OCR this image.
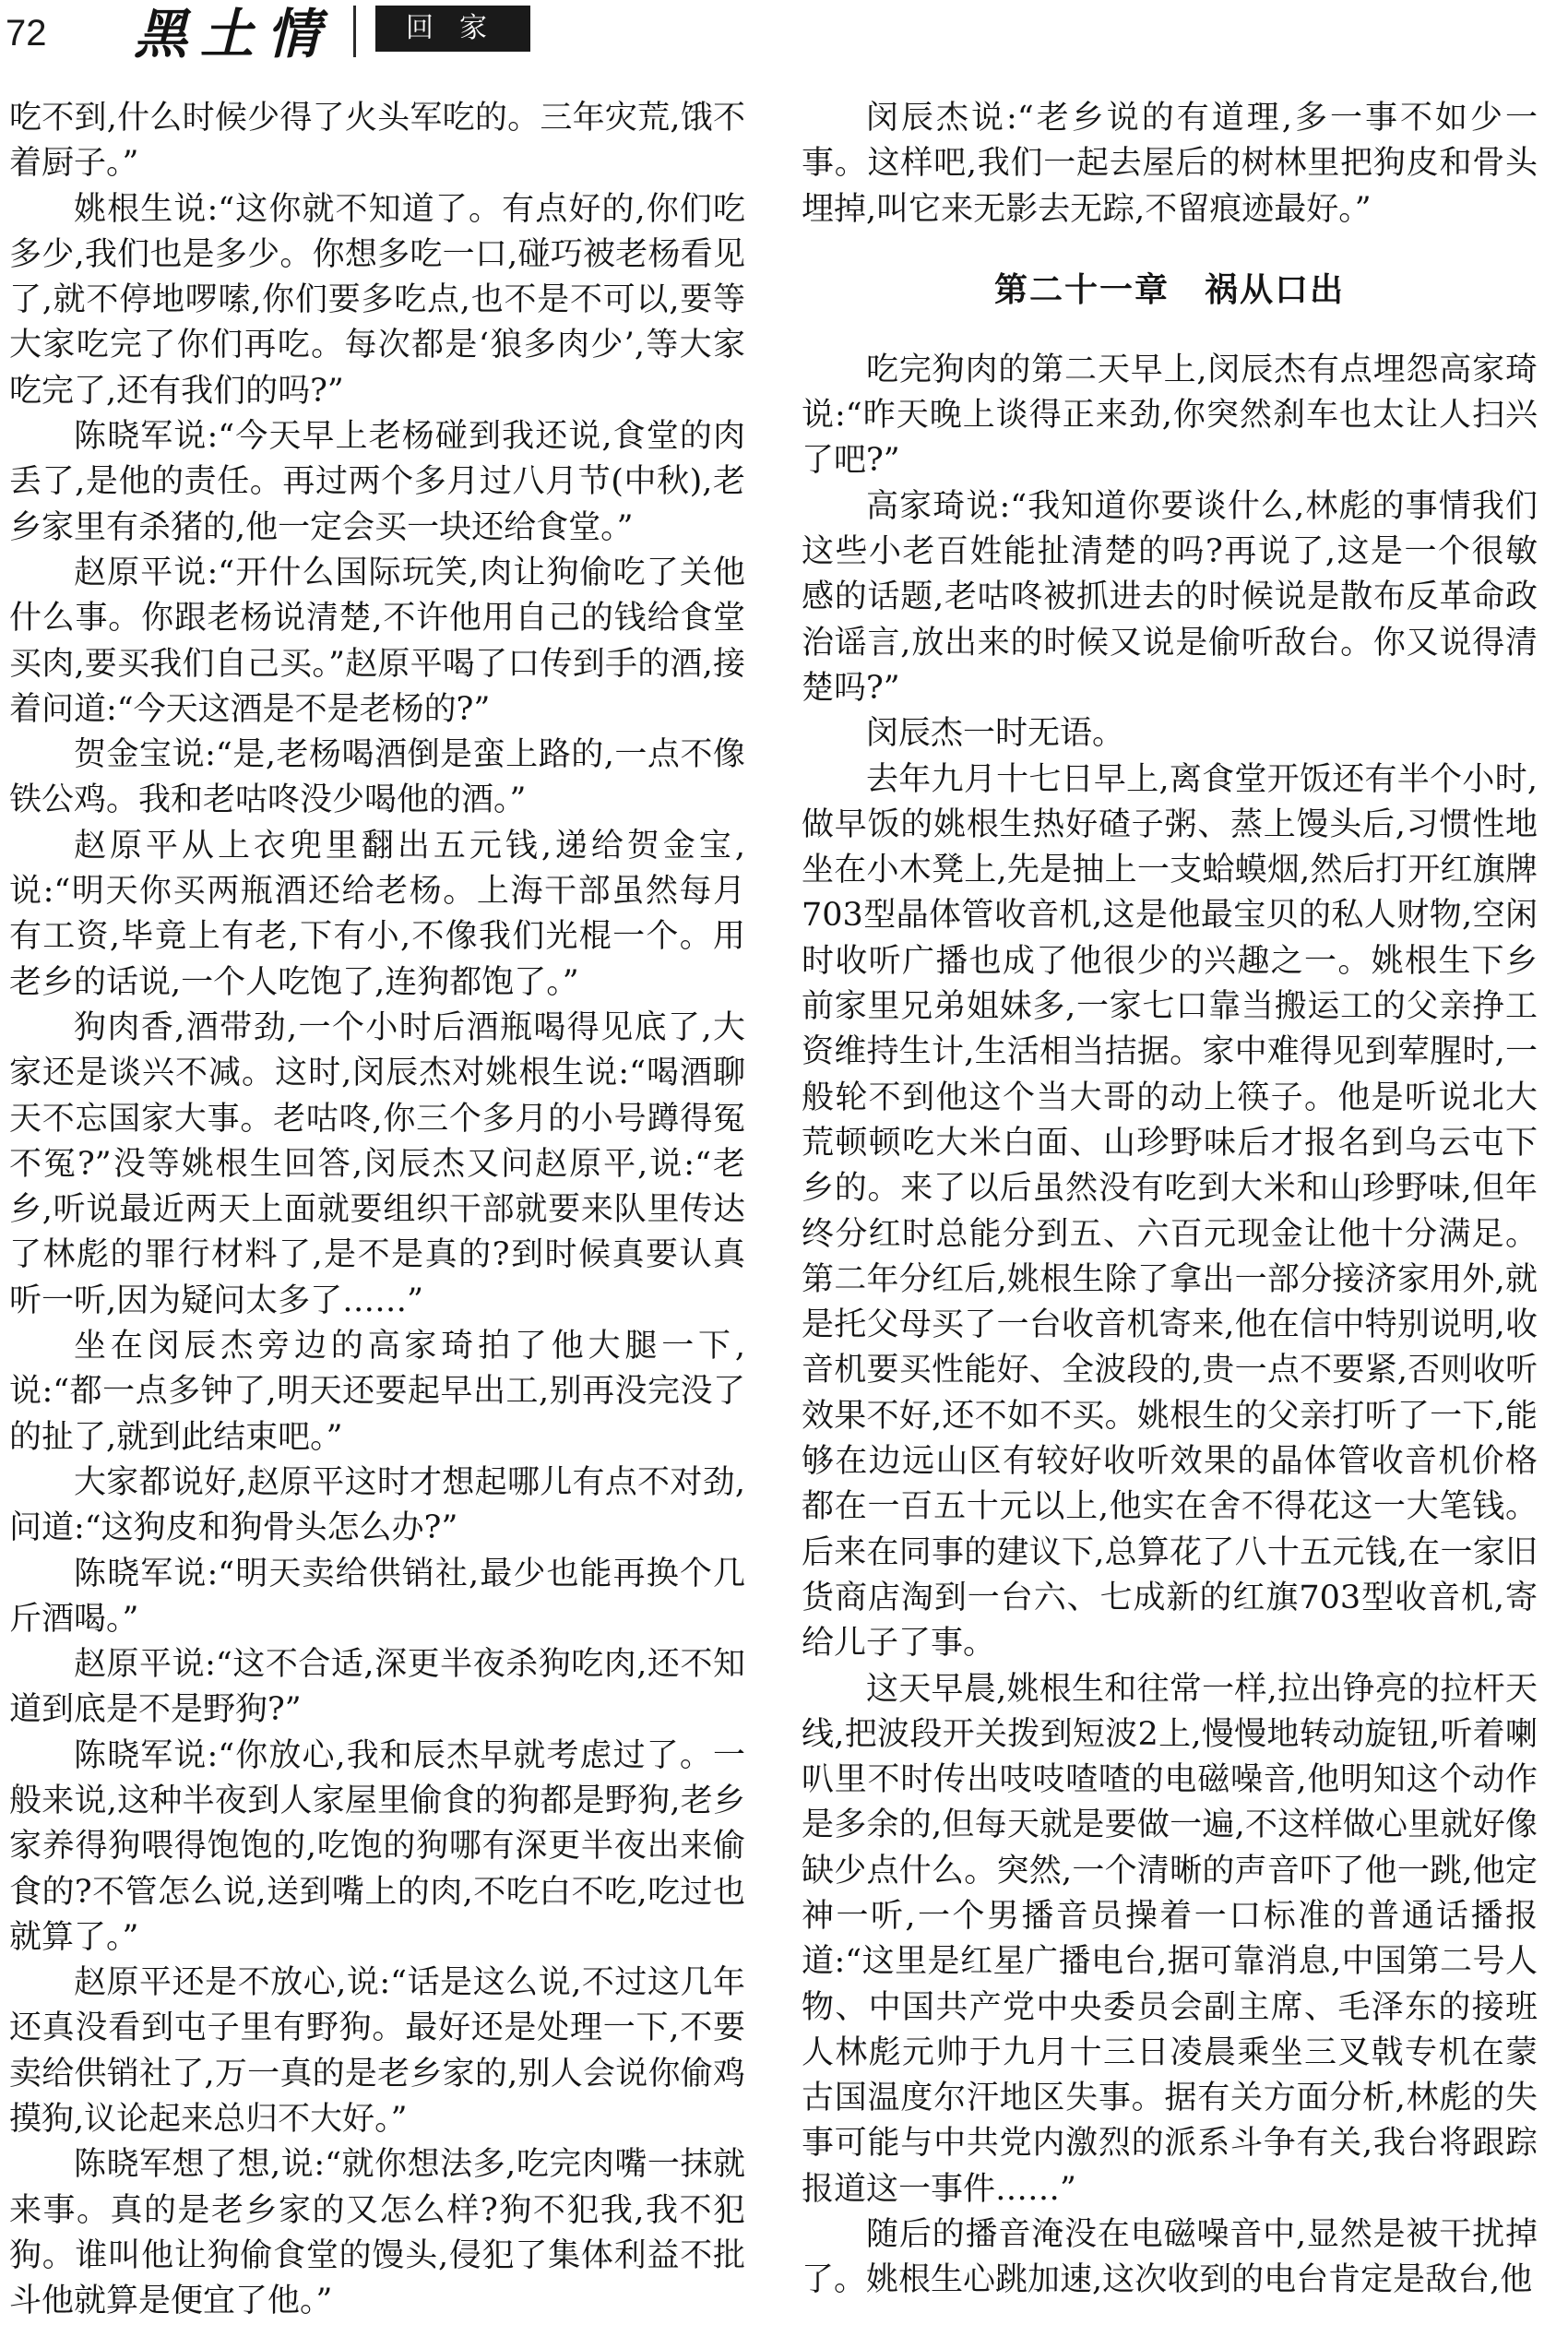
72 黑土情	回家

吃不到,什么时候少得了火头军吃的。三年灾荒,饿不着厨子。”

姚根生说:“这你就不知道了。有点好的,你们吃多少,我们也是多少。你想多吃一口,碰巧被老杨看见了,就不停地啰嗦,你们要多吃点,也不是不可以,要等大家吃完了你们再吃。每次都是‘狼多肉少’,等大家吃完了,还有我们的吗?”

陈晓军说:“今天早上老杨碰到我还说,食堂的肉丢了,是他的责任。再过两个多月过八月节(中秋),老乡家里有杀猪的,他一定会买一块还给食堂。”

赵原平说:“开什么国际玩笑,肉让狗偷吃了关他什么事。你跟老杨说清楚,不许他用自己的钱给食堂买肉,要买我们自己买。”赵原平喝了口传到手的酒,接着问道:“今天这酒是不是老杨的?”

贺金宝说:“是,老杨喝酒倒是蛮上路的,一点不像铁公鸡。我和老咕咚没少喝他的酒。”

赵原平从上衣兜里翻出五元钱,递给贺金宝,说:“明天你买两瓶酒还给老杨。上海干部虽然每月有工资,毕竟上有老,下有小,不像我们光棍一个。用老乡的话说,一个人吃饱了,连狗都饱了。”

狗肉香,酒带劲,一个小时后酒瓶喝得见底了,大家还是谈兴不减。这时,闵辰杰对姚根生说:“喝酒聊天不忘国家大事。老咕咚,你三个多月的小号蹲得冤不冤?”没等姚根生回答,闵辰杰又问赵原平,说:“老乡,听说最近两天上面就要组织干部就要来队里传达了林彪的罪行材料了,是不是真的?到时候真要认真听一听,因为疑问太多了……”

坐在闵辰杰旁边的高家琦拍了他大腿一下,说:“都一点多钟了,明天还要起早出工,别再没完没了的扯了,就到此结束吧。”

大家都说好,赵原平这时才想起哪儿有点不对劲,问道:“这狗皮和狗骨头怎么办?”

陈晓军说:“明天卖给供销社,最少也能再换个几斤酒喝。”

赵原平说:“这不合适,深更半夜杀狗吃肉,还不知道到底是不是野狗?”

陈晓军说:“你放心,我和辰杰早就考虑过了。一般来说,这种半夜到人家屋里偷食的狗都是野狗,老乡家养得狗喂得饱饱的,吃饱的狗哪有深更半夜出来偷食的?不管怎么说,送到嘴上的肉,不吃白不吃,吃过也就算了。”

赵原平还是不放心,说:“话是这么说,不过这几年还真没看到屯子里有野狗。最好还是处理一下,不要卖给供销社了,万一真的是老乡家的,别人会说你偷鸡摸狗,议论起来总归不大好。”

陈晓军想了想,说:“就你想法多,吃完肉嘴一抹就来事。真的是老乡家的又怎么样?狗不犯我,我不犯狗。谁叫他让狗偷食堂的馒头,侵犯了集体利益不批斗他就算是便宜了他。”

闵辰杰说:“老乡说的有道理,多一事不如少一事。这样吧,我们一起去屋后的树林里把狗皮和骨头埋掉,叫它来无影去无踪,不留痕迹最好。”

第二十一章　祸从口出

吃完狗肉的第二天早上,闵辰杰有点埋怨高家琦说:“昨天晚上谈得正来劲,你突然刹车也太让人扫兴了吧?”

高家琦说:“我知道你要谈什么,林彪的事情我们这些小老百姓能扯清楚的吗?再说了,这是一个很敏感的话题,老咕咚被抓进去的时候说是散布反革命政治谣言,放出来的时候又说是偷听敌台。你又说得清楚吗?”

闵辰杰一时无语。

去年九月十七日早上,离食堂开饭还有半个小时,做早饭的姚根生热好碴子粥、蒸上馒头后,习惯性地坐在小木凳上,先是抽上一支蛤蟆烟,然后打开红旗牌703型晶体管收音机,这是他最宝贝的私人财物,空闲时收听广播也成了他很少的兴趣之一。姚根生下乡前家里兄弟姐妹多,一家七口靠当搬运工的父亲挣工资维持生计,生活相当拮据。家中难得见到荤腥时,一般轮不到他这个当大哥的动上筷子。他是听说北大荒顿顿吃大米白面、山珍野味后才报名到乌云屯下乡的。来了以后虽然没有吃到大米和山珍野味,但年终分红时总能分到五、六百元现金让他十分满足。第二年分红后,姚根生除了拿出一部分接济家用外,就是托父母买了一台收音机寄来,他在信中特别说明,收音机要买性能好、全波段的,贵一点不要紧,否则收听效果不好,还不如不买。姚根生的父亲打听了一下,能够在边远山区有较好收听效果的晶体管收音机价格都在一百五十元以上,他实在舍不得花这一大笔钱。后来在同事的建议下,总算花了八十五元钱,在一家旧货商店淘到一台六、七成新的红旗703型收音机,寄给儿子了事。

这天早晨,姚根生和往常一样,拉出铮亮的拉杆天线,把波段开关拨到短波2上,慢慢地转动旋钮,听着喇叭里不时传出吱吱喳喳的电磁噪音,他明知这个动作是多余的,但每天就是要做一遍,不这样做心里就好像缺少点什么。突然,一个清晰的声音吓了他一跳,他定神一听,一个男播音员操着一口标准的普通话播报道:“这里是红星广播电台,据可靠消息,中国第二号人物、中国共产党中央委员会副主席、毛泽东的接班人林彪元帅于九月十三日凌晨乘坐三叉戟专机在蒙古国温度尔汗地区失事。据有关方面分析,林彪的失事可能与中共党内激烈的派系斗争有关,我台将跟踪报道这一事件……”

随后的播音淹没在电磁噪音中,显然是被干扰掉了。姚根生心跳加速,这次收到的电台肯定是敌台,他
